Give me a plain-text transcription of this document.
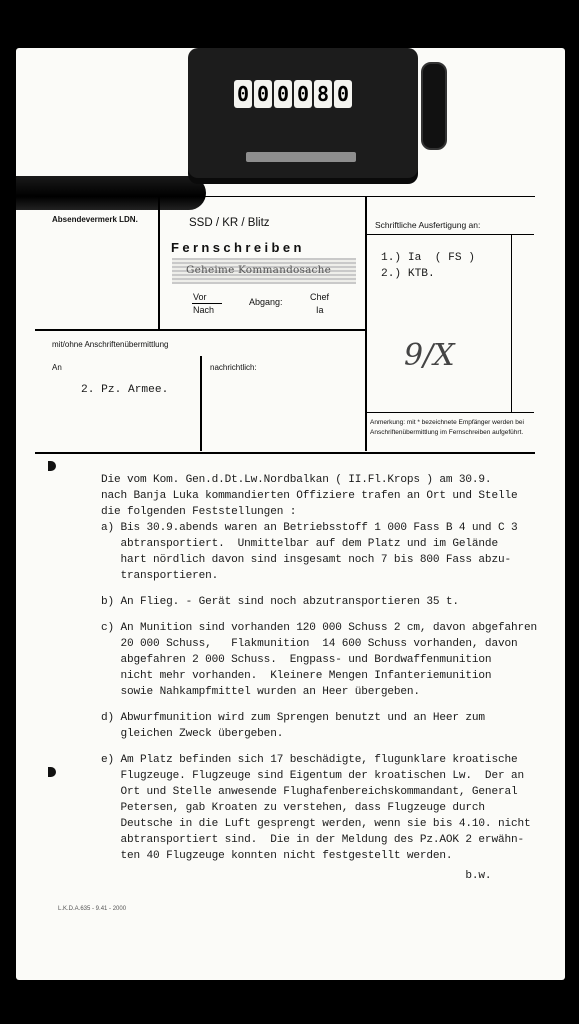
0 0 0 0 8 0
Absendevermerk LDN.	SSD / KR / Blitz
Fernschreiben
Geheime Kommandosache
Vor
Nach
Abgang:	Chef
Ia
Schriftliche Ausfertigung an:
1.) Ia  ( FS )
2.) KTB.
9/X
mit/ohne Anschriftenübermittlung
An
2. Pz. Armee.
nachrichtlich:
Anmerkung: mit * bezeichnete Empfänger werden bei
Anschriftenübermittlung im Fernschreiben aufgeführt.
Die vom Kom. Gen.d.Dt.Lw.Nordbalkan ( II.Fl.Krops ) am 30.9.
nach Banja Luka kommandierten Offiziere trafen an Ort und Stelle
die folgenden Feststellungen :
a) Bis 30.9.abends waren an Betriebsstoff 1 000 Fass B 4 und C 3
abtransportiert.  Unmittelbar auf dem Platz und im Gelände
hart nördlich davon sind insgesamt noch 7 bis 800 Fass abzu-
transportieren.
b) An Flieg. - Gerät sind noch abzutransportieren 35 t.
c) An Munition sind vorhanden 120 000 Schuss 2 cm, davon abgefahren
20 000 Schuss,   Flakmunition  14 600 Schuss vorhanden, davon
abgefahren 2 000 Schuss.  Engpass- und Bordwaffenmunition
nicht mehr vorhanden.  Kleinere Mengen Infanteriemunition
sowie Nahkampfmittel wurden an Heer übergeben.
d) Abwurfmunition wird zum Sprengen benutzt und an Heer zum
gleichen Zweck übergeben.
e) Am Platz befinden sich 17 beschädigte, flugunklare kroatische
Flugzeuge. Flugzeuge sind Eigentum der kroatischen Lw.  Der an
Ort und Stelle anwesende Flughafenbereichskommandant, General
Petersen, gab Kroaten zu verstehen, dass Flugzeuge durch
Deutsche in die Luft gesprengt werden, wenn sie bis 4.10. nicht
abtransportiert sind.  Die in der Meldung des Pz.AOK 2 erwähn-
ten 40 Flugzeuge konnten nicht festgestellt werden.
b.w.
L.K.D.A.635 - 9.41 - 2000
